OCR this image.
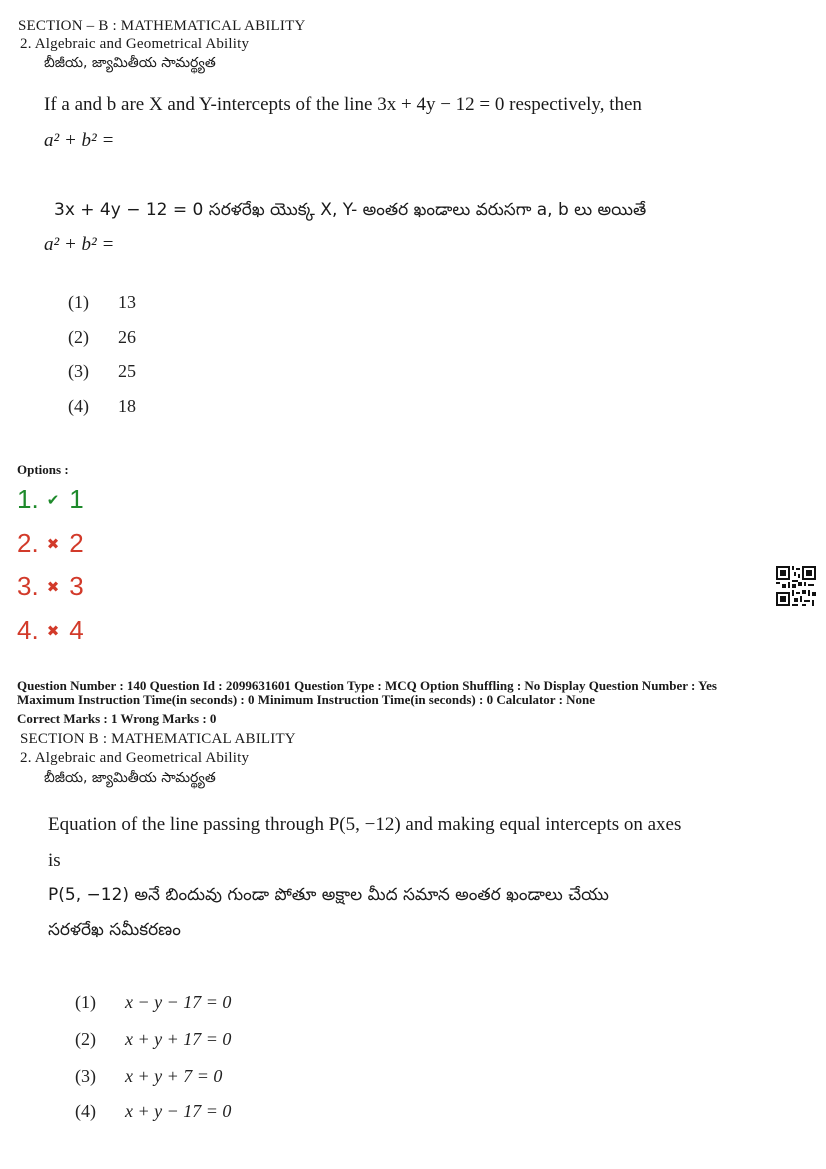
SECTION – B : MATHEMATICAL ABILITY
2. Algebraic and Geometrical Ability
బీజీయ, జ్యామితీయ సామర్థ్యత
If a and b are X and Y-intercepts of the line 3x + 4y − 12 = 0 respectively, then
a² + b² =
3x + 4y − 12 = 0 సరళరేఖ యొక్క X, Y- అంతర ఖండాలు వరుసగా a, b లు అయితే
a² + b² =
(1) 13
(2) 26
(3) 25
(4) 18
Options :
1. ✔ 1
2. ✖ 2
3. ✖ 3
4. ✖ 4
Question Number : 140 Question Id : 2099631601 Question Type : MCQ Option Shuffling : No Display Question Number : Yes
Maximum Instruction Time(in seconds) : 0 Minimum Instruction Time(in seconds) : 0 Calculator : None
Correct Marks : 1 Wrong Marks : 0
SECTION B : MATHEMATICAL ABILITY
2. Algebraic and Geometrical Ability
బీజీయ, జ్యామితీయ సామర్థ్యత
Equation of the line passing through P(5, −12) and making equal intercepts on axes
is
P(5, −12) అనే బిందువు గుండా పోతూ అక్షాల మీద సమాన అంతర ఖండాలు చేయు
సరళరేఖ సమీకరణం
(1) x − y − 17 = 0
(2) x + y + 17 = 0
(3) x + y + 7 = 0
(4) x + y − 17 = 0
